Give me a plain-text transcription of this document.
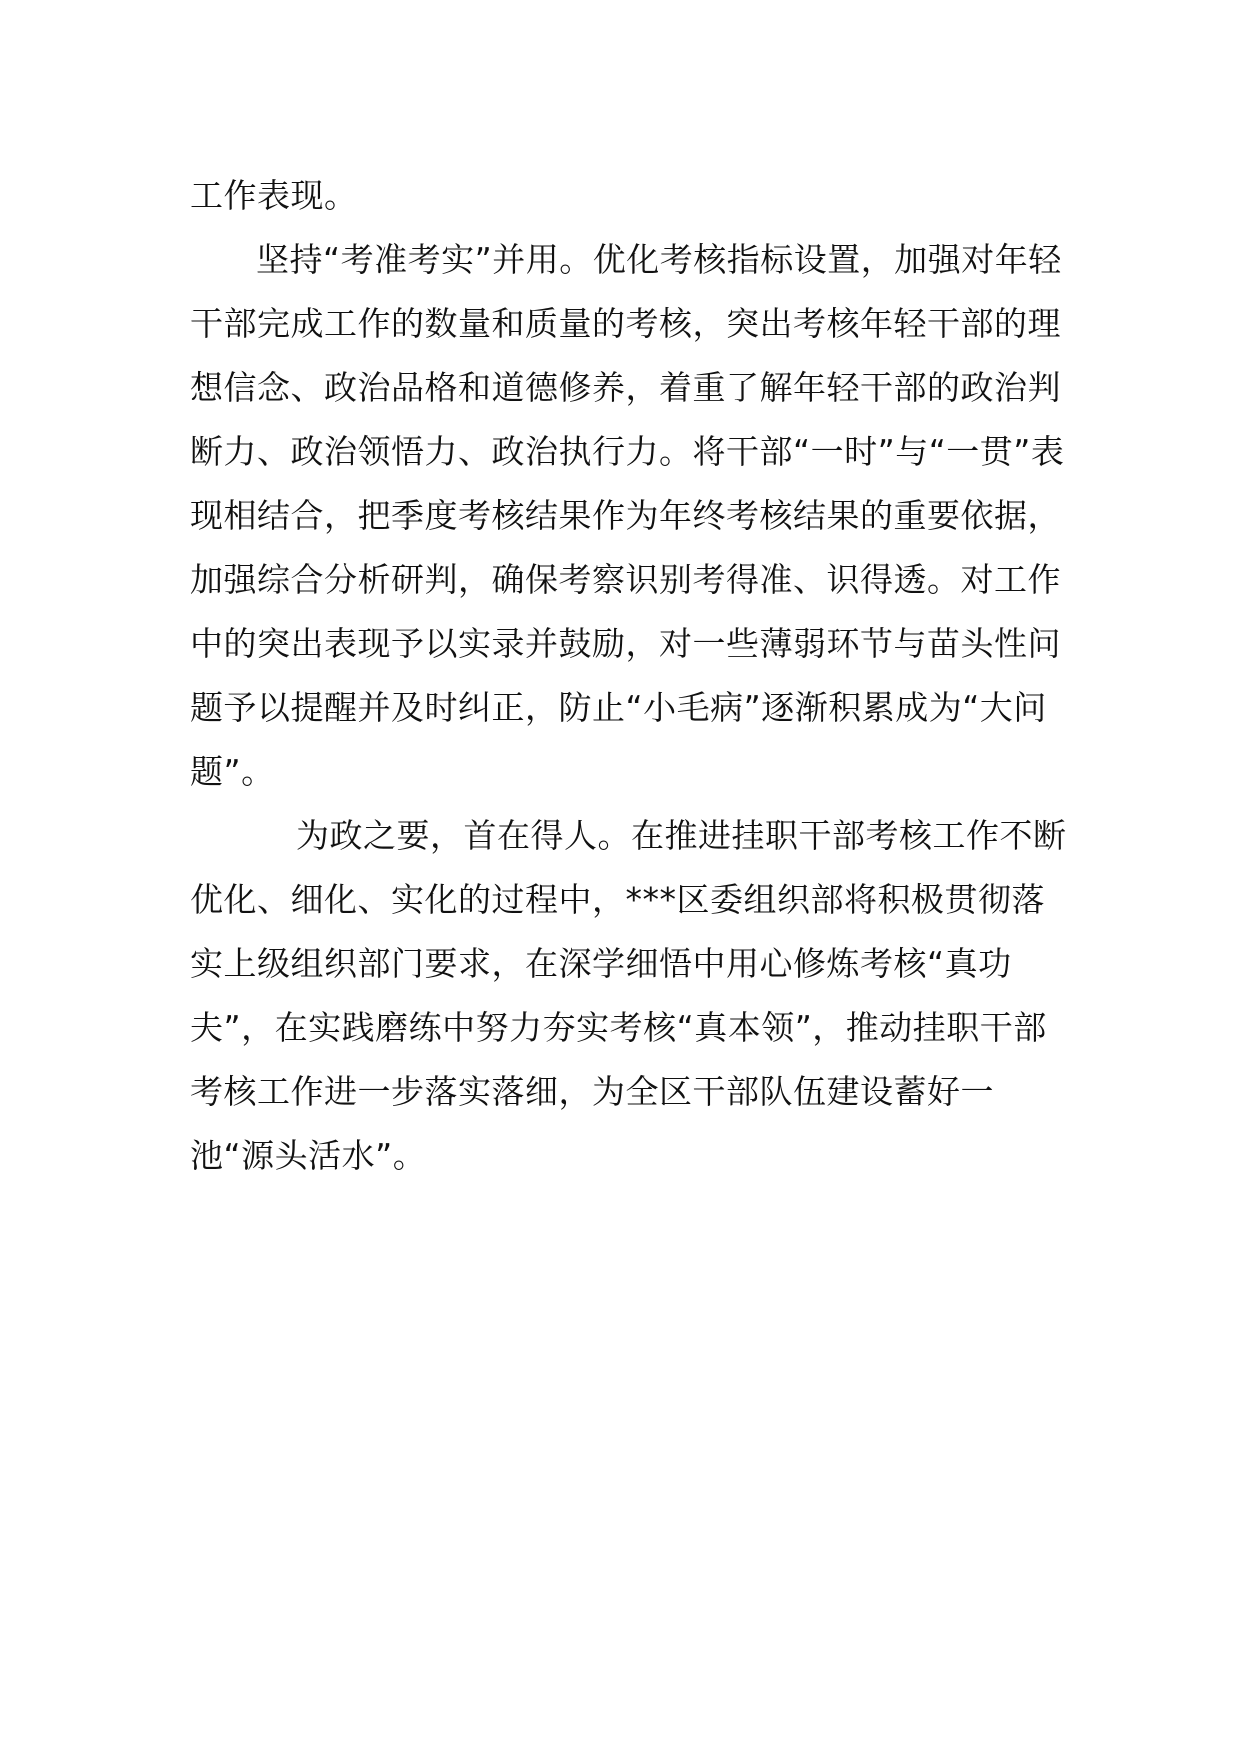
工作表现。

坚持“考准考实”并用。优化考核指标设置，加强对年轻干部完成工作的数量和质量的考核，突出考核年轻干部的理想信念、政治品格和道德修养，着重了解年轻干部的政治判断力、政治领悟力、政治执行力。将干部“一时”与“一贯”表现相结合，把季度考核结果作为年终考核结果的重要依据，加强综合分析研判，确保考察识别考得准、识得透。对工作中的突出表现予以实录并鼓励，对一些薄弱环节与苗头性问题予以提醒并及时纠正，防止“小毛病”逐渐积累成为“大问题”。

为政之要，首在得人。在推进挂职干部考核工作不断优化、细化、实化的过程中，***区委组织部将积极贯彻落实上级组织部门要求，在深学细悟中用心修炼考核“真功夫”，在实践磨练中努力夯实考核“真本领”，推动挂职干部考核工作进一步落实落细，为全区干部队伍建设蓄好一池“源头活水”。
